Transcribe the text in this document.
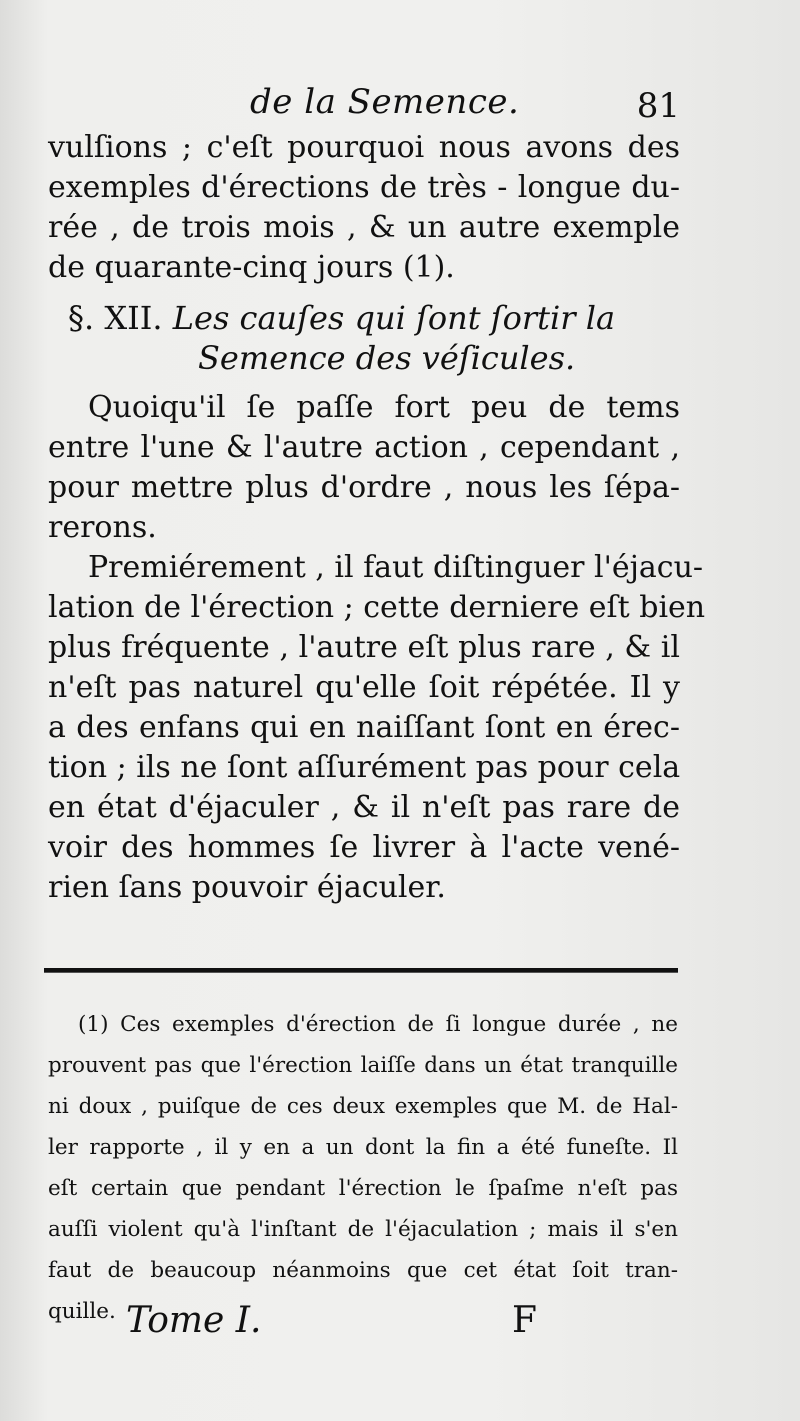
de la Semence.	81

vulſions ; c'eſt pourquoi nous avons des
exemples d'érections de très - longue du-
rée , de trois mois , & un autre exemple
de quarante-cinq jours (1).

§. XII. Les cauſes qui ſont ſortir la
Semence des véſicules.

Quoiqu'il ſe paſſe fort peu de tems
entre l'une & l'autre action , cependant ,
pour mettre plus d'ordre , nous les ſépa-
rerons.

Premiérement , il faut diſtinguer l'éjacu-
lation de l'érection ; cette derniere eſt bien
plus fréquente , l'autre eſt plus rare , & il
n'eſt pas naturel qu'elle ſoit répétée. Il y
a des enfans qui en naiſſant ſont en érec-
tion ; ils ne ſont aſſurément pas pour cela
en état d'éjaculer , & il n'eſt pas rare de
voir des hommes ſe livrer à l'acte vené-
rien ſans pouvoir éjaculer.

(1) Ces exemples d'érection de ſi longue durée , ne
prouvent pas que l'érection laiſſe dans un état tranquille
ni doux , puiſque de ces deux exemples que M. de Hal-
ler rapporte , il y en a un dont la fin a été funeſte. Il
eſt certain que pendant l'érection le ſpaſme n'eſt pas
auſſi violent qu'à l'inſtant de l'éjaculation ; mais il s'en
faut de beaucoup néanmoins que cet état ſoit tran-
quille. Tome I.	F
